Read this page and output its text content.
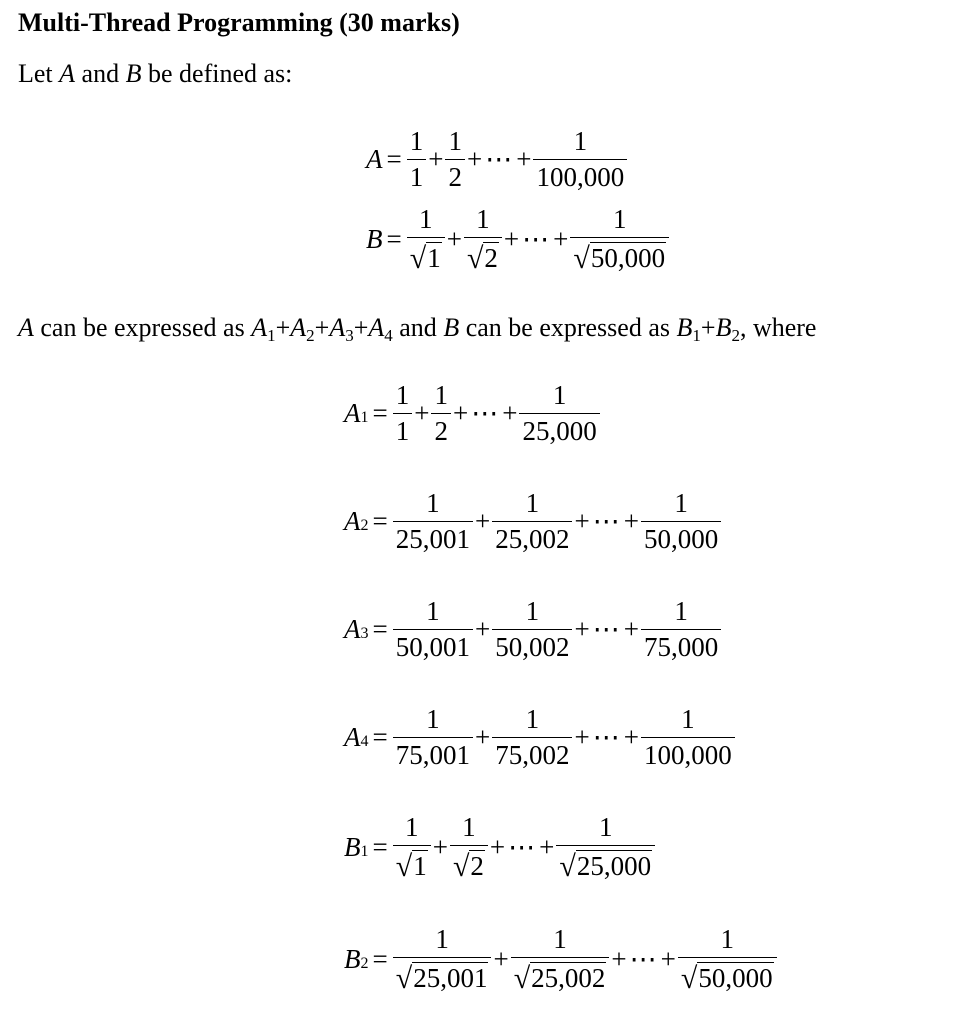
Multi-Thread Programming (30 marks)
Let A and B be defined as:
$A = \frac{1}{1} + \frac{1}{2}$ + ⋯ + $\frac{1}{100,000}$
$B = \frac{1}{√ 1} + \frac{1}{√ 2}$ + ⋯ + $\frac{1}{√ 50,000}$
A can be expressed as $A_1+A_2+A_3+A_4$ and B can be expressed as $B_1+B_2$, where
A $1 = \frac{1}{1} + \frac{1}{2}$ + ⋯ + $\frac{1}{25,000}$
A $2 = \frac{1}{25,001} + \frac{1}{25,002}$ + ⋯ + $\frac{1}{50,000}$
A $3 = \frac{1}{50,001} + \frac{1}{50,002}$ + ⋯ + $\frac{1}{75,000}$
A $4 = \frac{1}{75,001} + \frac{1}{75,002}$ + ⋯ + $\frac{1}{100,000}$
B $1 = \frac{1}{√ 1} + \frac{1}{√ 2}$ + ⋯ + $\frac{1}{√ 25,000}$
B $2 = \frac{1}{√ 25,001} + \frac{1}{√ 25,002}$ + ⋯ + $\frac{1}{√ 50,000}$
